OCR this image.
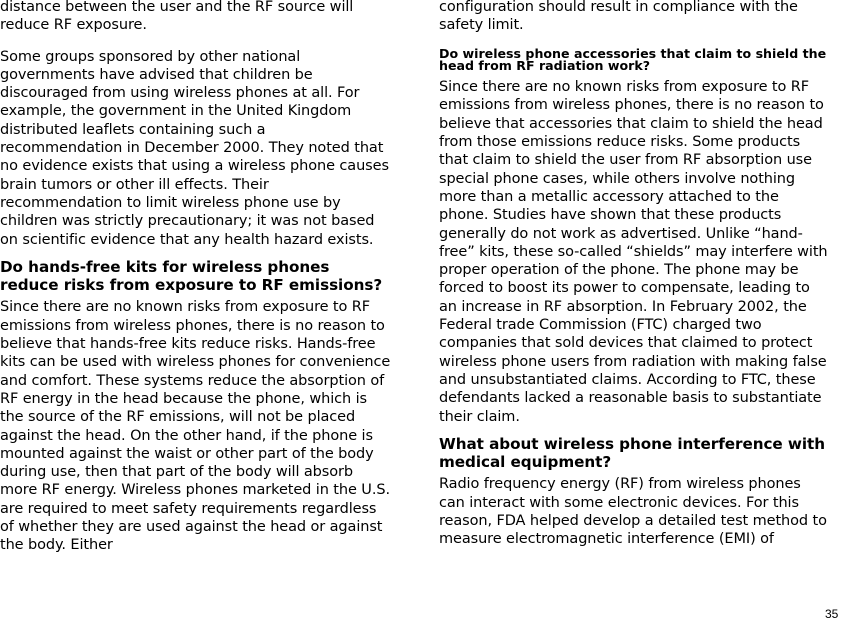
distance between the user and the RF source will reduce RF exposure.

Some groups sponsored by other national governments have advised that children be discouraged from using wireless phones at all. For example, the government in the United Kingdom distributed leaflets containing such a recommendation in December 2000. They noted that no evidence exists that using a wireless phone causes brain tumors or other ill effects. Their recommendation to limit wireless phone use by children was strictly precautionary; it was not based on scientific evidence that any health hazard exists.

Do hands-free kits for wireless phones reduce risks from exposure to RF emissions?

Since there are no known risks from exposure to RF emissions from wireless phones, there is no reason to believe that hands-free kits reduce risks. Hands-free kits can be used with wireless phones for convenience and comfort. These systems reduce the absorption of RF energy in the head because the phone, which is the source of the RF emissions, will not be placed against the head. On the other hand, if the phone is mounted against the waist or other part of the body during use, then that part of the body will absorb more RF energy. Wireless phones marketed in the U.S. are required to meet safety requirements regardless of whether they are used against the head or against the body. Either

configuration should result in compliance with the safety limit.

Do wireless phone accessories that claim to shield the head from RF radiation work?

Since there are no known risks from exposure to RF emissions from wireless phones, there is no reason to believe that accessories that claim to shield the head from those emissions reduce risks. Some products that claim to shield the user from RF absorption use special phone cases, while others involve nothing more than a metallic accessory attached to the phone. Studies have shown that these products generally do not work as advertised. Unlike “hand-free” kits, these so-called “shields” may interfere with proper operation of the phone. The phone may be forced to boost its power to compensate, leading to an increase in RF absorption. In February 2002, the Federal trade Commission (FTC) charged two companies that sold devices that claimed to protect wireless phone users from radiation with making false and unsubstantiated claims. According to FTC, these defendants lacked a reasonable basis to substantiate their claim.

What about wireless phone interference with medical equipment?

Radio frequency energy (RF) from wireless phones can interact with some electronic devices. For this reason, FDA helped develop a detailed test method to measure electromagnetic interference (EMI) of

35
